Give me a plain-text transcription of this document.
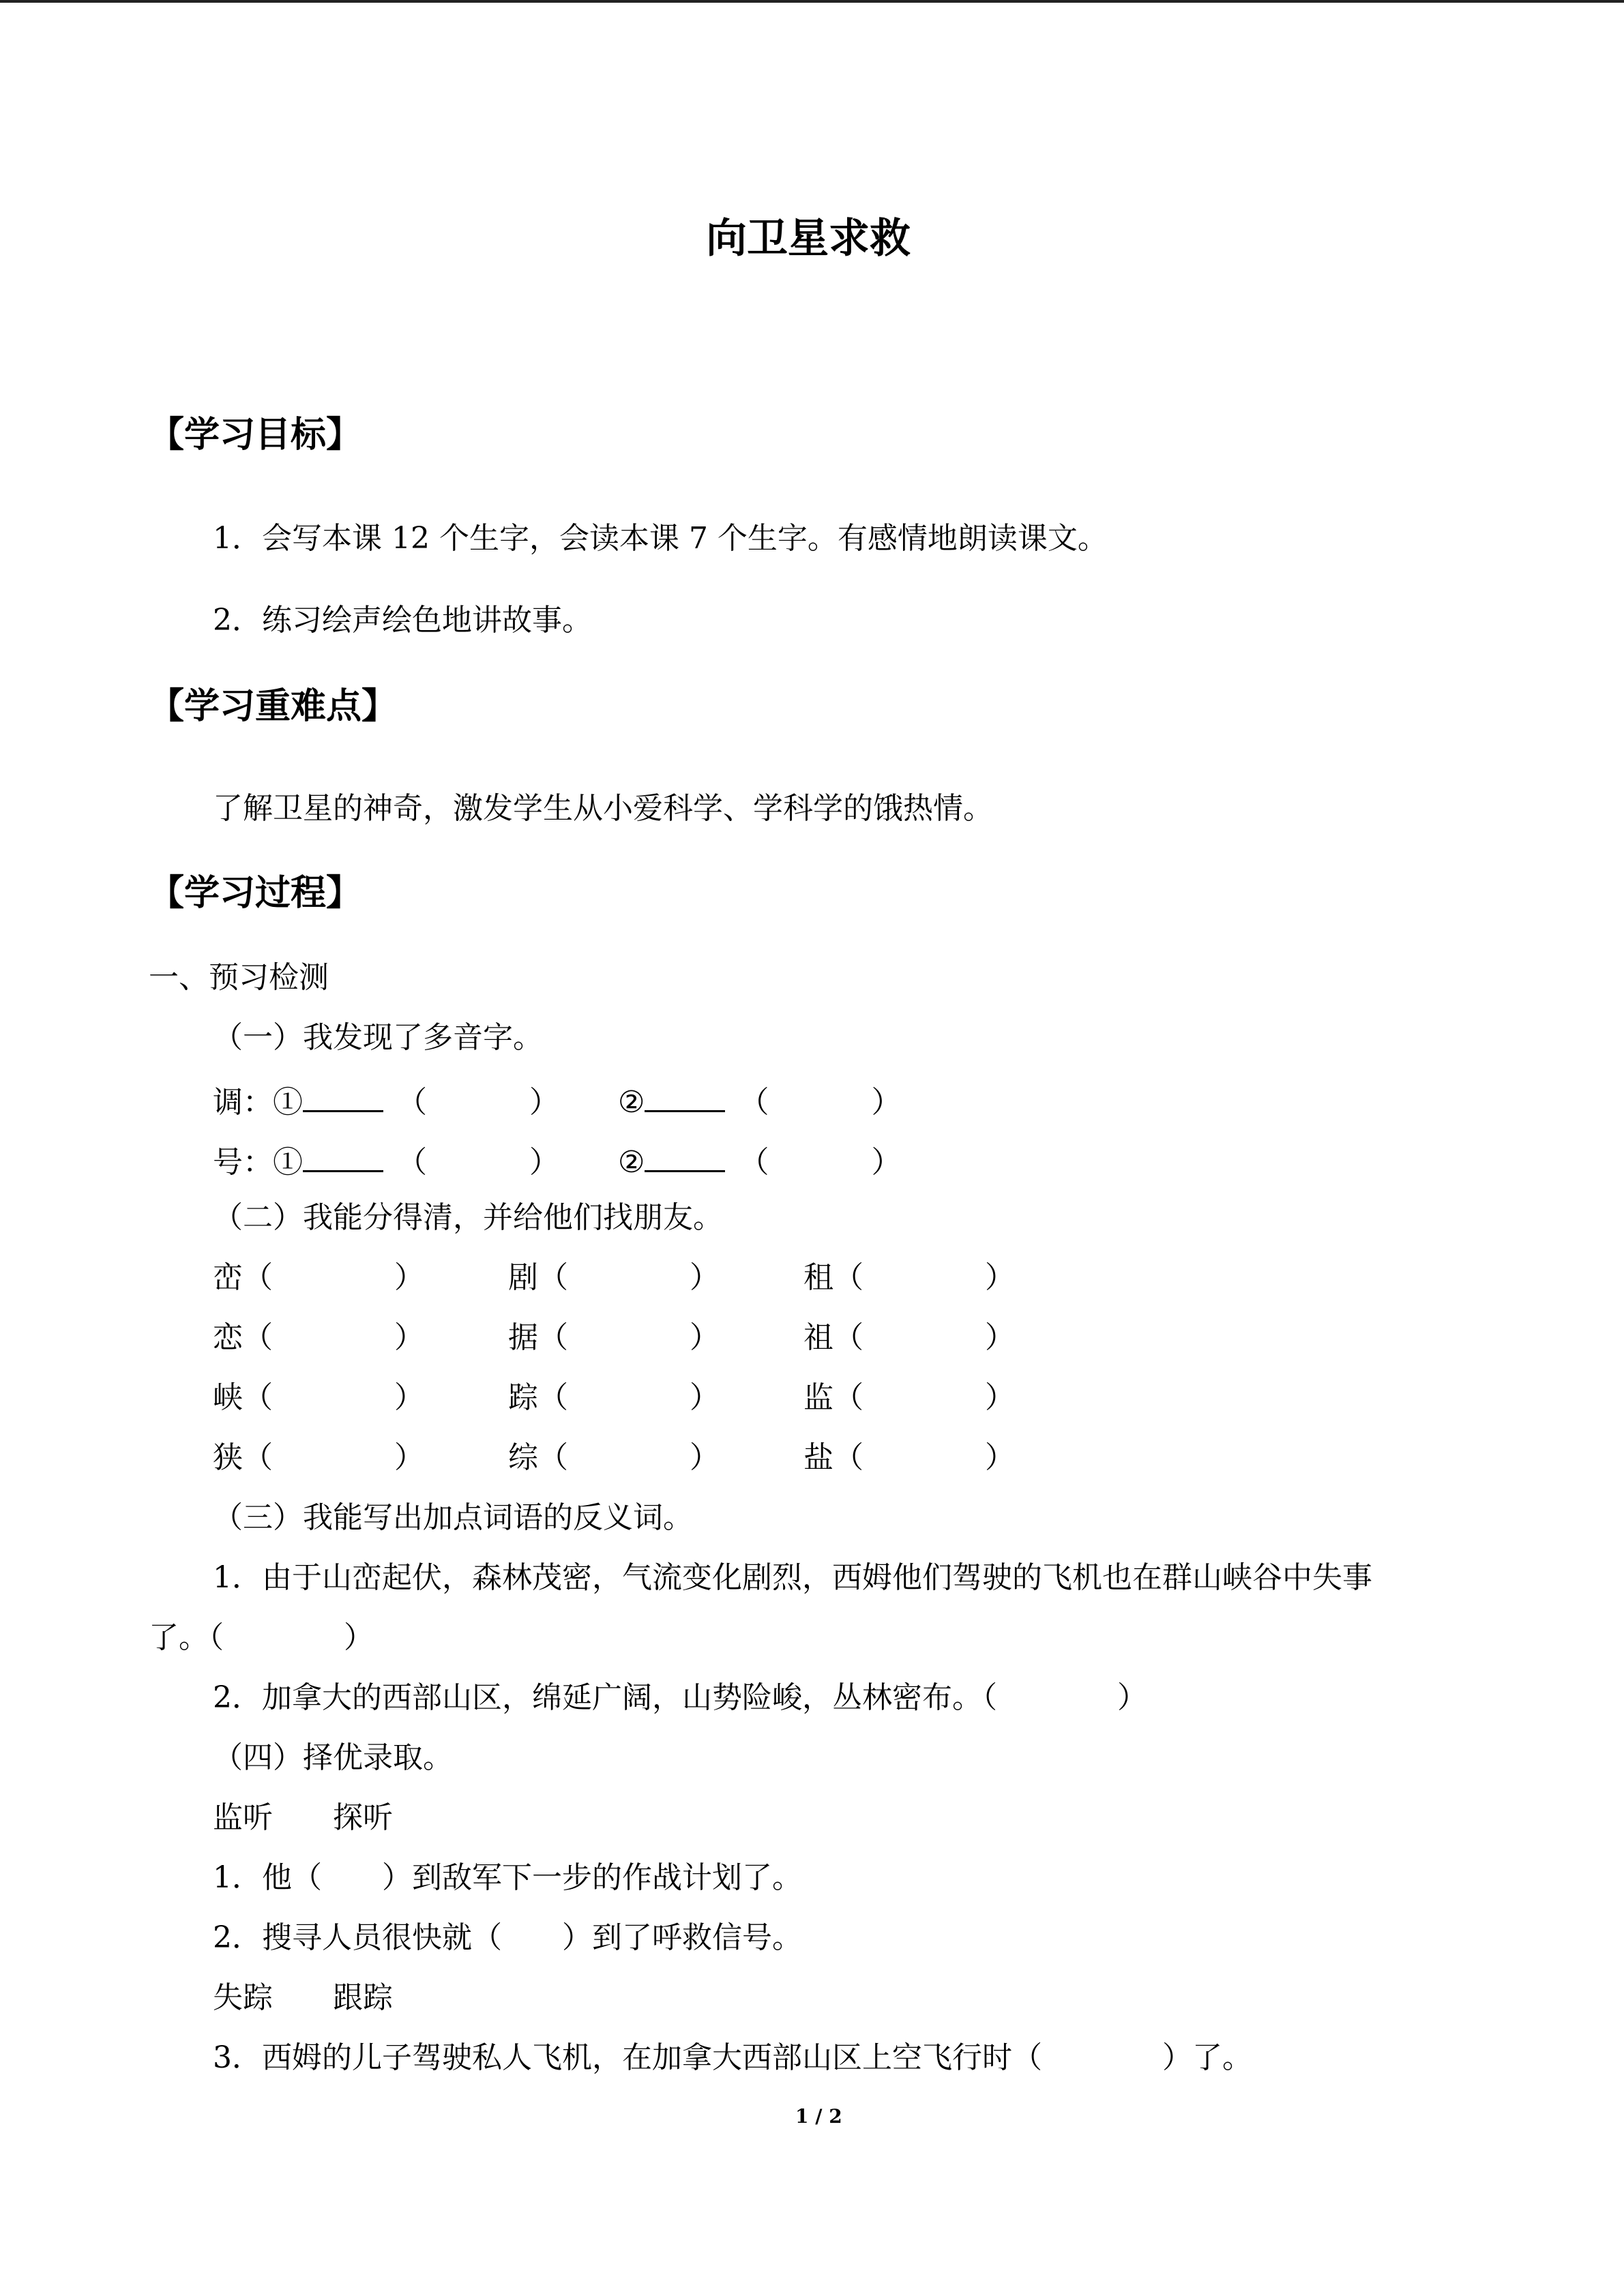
向卫星求救
【学习目标】
1．会写本课 12 个生字，会读本课 7 个生字。有感情地朗读课文。
2．练习绘声绘色地讲故事。
【学习重难点】
了解卫星的神奇，激发学生从小爱科学、学科学的饿热情。
【学习过程】
一、预习检测
（一）我发现了多音字。
调：①	（	） ②	（	）
号：①	（	） ②	（	）
（二）我能分得清，并给他们找朋友。
峦（	）	剧（	）	租（	）
恋（	）	据（	）	祖（	）
峡（	）	踪（	）	监（	）
狭（	）	综（	）	盐（	）
（三）我能写出加点词语的反义词。
1．由于山峦起伏，森林茂密，气流变化剧烈，西姆他们驾驶的飞机也在群山峡谷中失事
了。（　　　　）
2．加拿大的西部山区，绵延广阔，山势险峻，丛林密布。（　　　　）
（四）择优录取。
监听　　探听
1．他（　　）到敌军下一步的作战计划了。
2．搜寻人员很快就（　　）到了呼救信号。
失踪　　跟踪
3．西姆的儿子驾驶私人飞机，在加拿大西部山区上空飞行时（　　　　）了。
1 / 2
